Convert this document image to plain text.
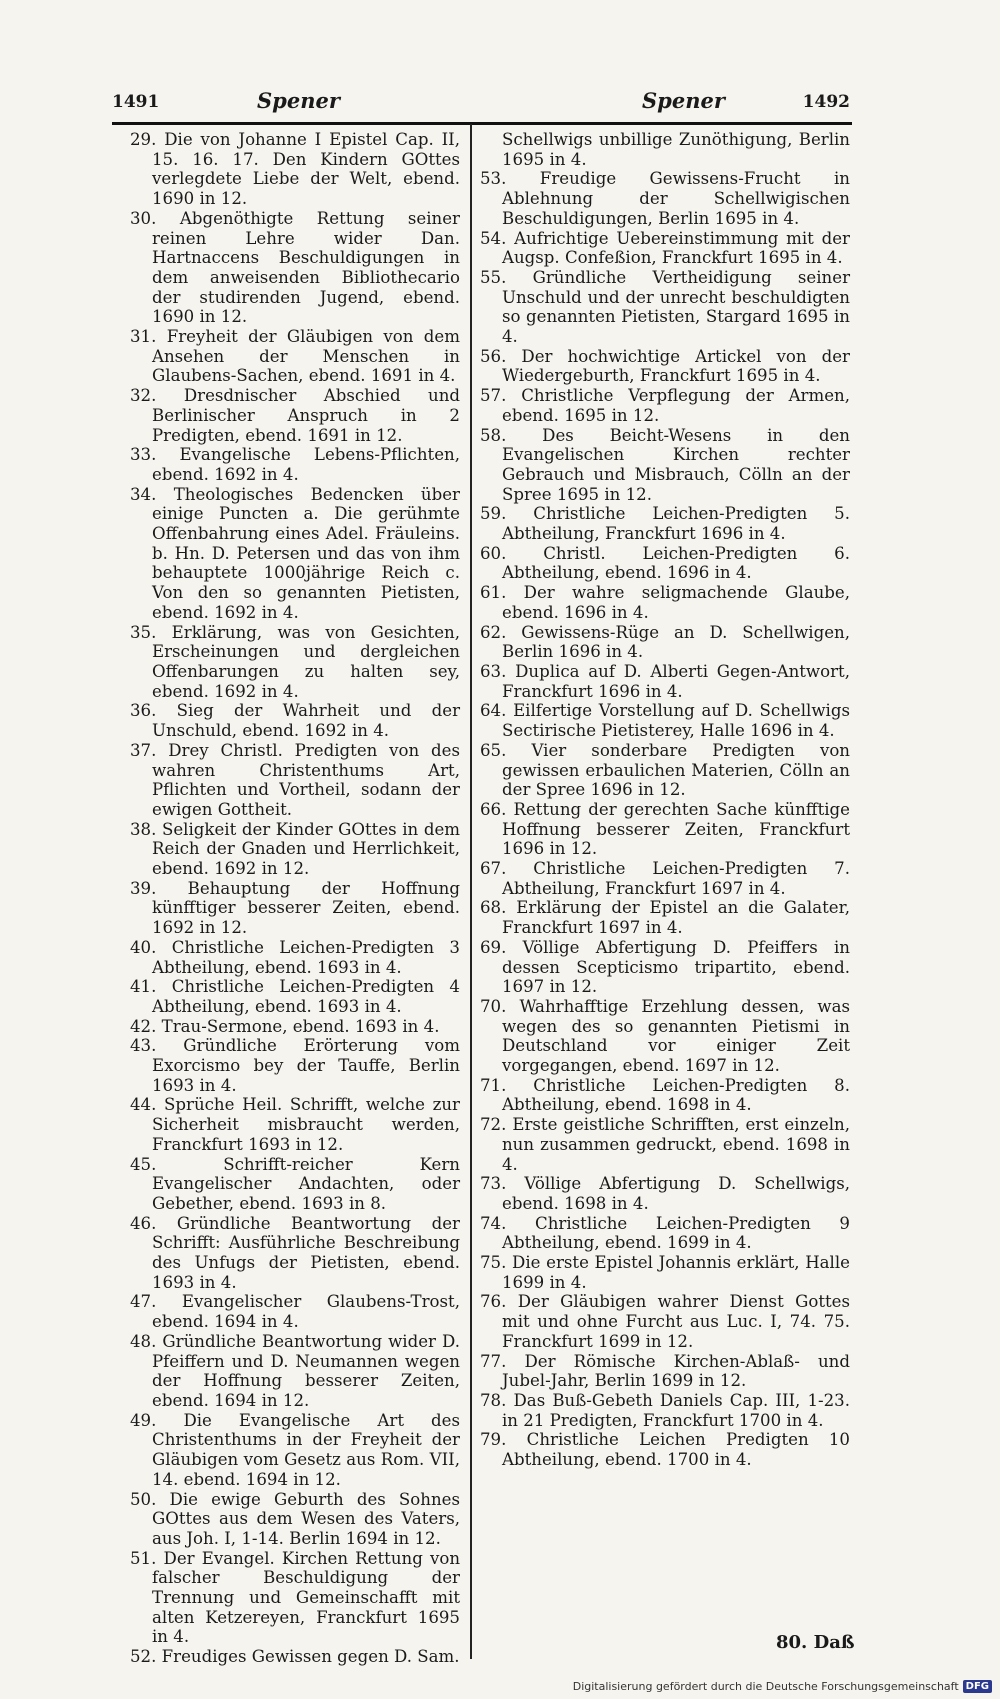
1491	Spener	Spener	1492

29. Die von Johanne I Epistel Cap. II, 15. 16. 17. Den Kindern GOttes verlegdete Liebe der Welt, ebend. 1690 in 12.

30. Abgenöthigte Rettung seiner reinen Lehre wider Dan. Hartnaccens Beschuldigungen in dem anweisenden Bibliothecario der studirenden Jugend, ebend. 1690 in 12.

31. Freyheit der Gläubigen von dem Ansehen der Menschen in Glaubens-Sachen, ebend. 1691 in 4.

32. Dresdnischer Abschied und Berlinischer Anspruch in 2 Predigten, ebend. 1691 in 12.

33. Evangelische Lebens-Pflichten, ebend. 1692 in 4.

34. Theologisches Bedencken über einige Puncten a. Die gerühmte Offenbahrung eines Adel. Fräuleins. b. Hn. D. Petersen und das von ihm behauptete 1000jährige Reich c. Von den so genannten Pietisten, ebend. 1692 in 4.

35. Erklärung, was von Gesichten, Erscheinungen und dergleichen Offenbarungen zu halten sey, ebend. 1692 in 4.

36. Sieg der Wahrheit und der Unschuld, ebend. 1692 in 4.

37. Drey Christl. Predigten von des wahren Christenthums Art, Pflichten und Vortheil, sodann der ewigen Gottheit.

38. Seligkeit der Kinder GOttes in dem Reich der Gnaden und Herrlichkeit, ebend. 1692 in 12.

39. Behauptung der Hoffnung künfftiger besserer Zeiten, ebend. 1692 in 12.

40. Christliche Leichen-Predigten 3 Abtheilung, ebend. 1693 in 4.

41. Christliche Leichen-Predigten 4 Abtheilung, ebend. 1693 in 4.

42. Trau-Sermone, ebend. 1693 in 4.

43. Gründliche Erörterung vom Exorcismo bey der Tauffe, Berlin 1693 in 4.

44. Sprüche Heil. Schrifft, welche zur Sicherheit misbraucht werden, Franckfurt 1693 in 12.

45. Schrifft-reicher Kern Evangelischer Andachten, oder Gebether, ebend. 1693 in 8.

46. Gründliche Beantwortung der Schrifft: Ausführliche Beschreibung des Unfugs der Pietisten, ebend. 1693 in 4.

47. Evangelischer Glaubens-Trost, ebend. 1694 in 4.

48. Gründliche Beantwortung wider D. Pfeiffern und D. Neumannen wegen der Hoffnung besserer Zeiten, ebend. 1694 in 12.

49. Die Evangelische Art des Christenthums in der Freyheit der Gläubigen vom Gesetz aus Rom. VII, 14. ebend. 1694 in 12.

50. Die ewige Geburth des Sohnes GOttes aus dem Wesen des Vaters, aus Joh. I, 1-14. Berlin 1694 in 12.

51. Der Evangel. Kirchen Rettung von falscher Beschuldigung der Trennung und Gemeinschafft mit alten Ketzereyen, Franckfurt 1695 in 4.

52. Freudiges Gewissen gegen D. Sam.

Schellwigs unbillige Zunöthigung, Berlin 1695 in 4.

53. Freudige Gewissens-Frucht in Ablehnung der Schellwigischen Beschuldigungen, Berlin 1695 in 4.

54. Aufrichtige Uebereinstimmung mit der Augsp. Confeßion, Franckfurt 1695 in 4.

55. Gründliche Vertheidigung seiner Unschuld und der unrecht beschuldigten so genannten Pietisten, Stargard 1695 in 4.

56. Der hochwichtige Artickel von der Wiedergeburth, Franckfurt 1695 in 4.

57. Christliche Verpflegung der Armen, ebend. 1695 in 12.

58. Des Beicht-Wesens in den Evangelischen Kirchen rechter Gebrauch und Misbrauch, Cölln an der Spree 1695 in 12.

59. Christliche Leichen-Predigten 5. Abtheilung, Franckfurt 1696 in 4.

60. Christl. Leichen-Predigten 6. Abtheilung, ebend. 1696 in 4.

61. Der wahre seligmachende Glaube, ebend. 1696 in 4.

62. Gewissens-Rüge an D. Schellwigen, Berlin 1696 in 4.

63. Duplica auf D. Alberti Gegen-Antwort, Franckfurt 1696 in 4.

64. Eilfertige Vorstellung auf D. Schellwigs Sectirische Pietisterey, Halle 1696 in 4.

65. Vier sonderbare Predigten von gewissen erbaulichen Materien, Cölln an der Spree 1696 in 12.

66. Rettung der gerechten Sache künfftige Hoffnung besserer Zeiten, Franckfurt 1696 in 12.

67. Christliche Leichen-Predigten 7. Abtheilung, Franckfurt 1697 in 4.

68. Erklärung der Epistel an die Galater, Franckfurt 1697 in 4.

69. Völlige Abfertigung D. Pfeiffers in dessen Scepticismo tripartito, ebend. 1697 in 12.

70. Wahrhafftige Erzehlung dessen, was wegen des so genannten Pietismi in Deutschland vor einiger Zeit vorgegangen, ebend. 1697 in 12.

71. Christliche Leichen-Predigten 8. Abtheilung, ebend. 1698 in 4.

72. Erste geistliche Schrifften, erst einzeln, nun zusammen gedruckt, ebend. 1698 in 4.

73. Völlige Abfertigung D. Schellwigs, ebend. 1698 in 4.

74. Christliche Leichen-Predigten 9 Abtheilung, ebend. 1699 in 4.

75. Die erste Epistel Johannis erklärt, Halle 1699 in 4.

76. Der Gläubigen wahrer Dienst Gottes mit und ohne Furcht aus Luc. I, 74. 75. Franckfurt 1699 in 12.

77. Der Römische Kirchen-Ablaß- und Jubel-Jahr, Berlin 1699 in 12.

78. Das Buß-Gebeth Daniels Cap. III, 1-23. in 21 Predigten, Franckfurt 1700 in 4.

79. Christliche Leichen Predigten 10 Abtheilung, ebend. 1700 in 4.

80. Daß
Digitalisierung gefördert durch die Deutsche Forschungsgemeinschaft DFG
